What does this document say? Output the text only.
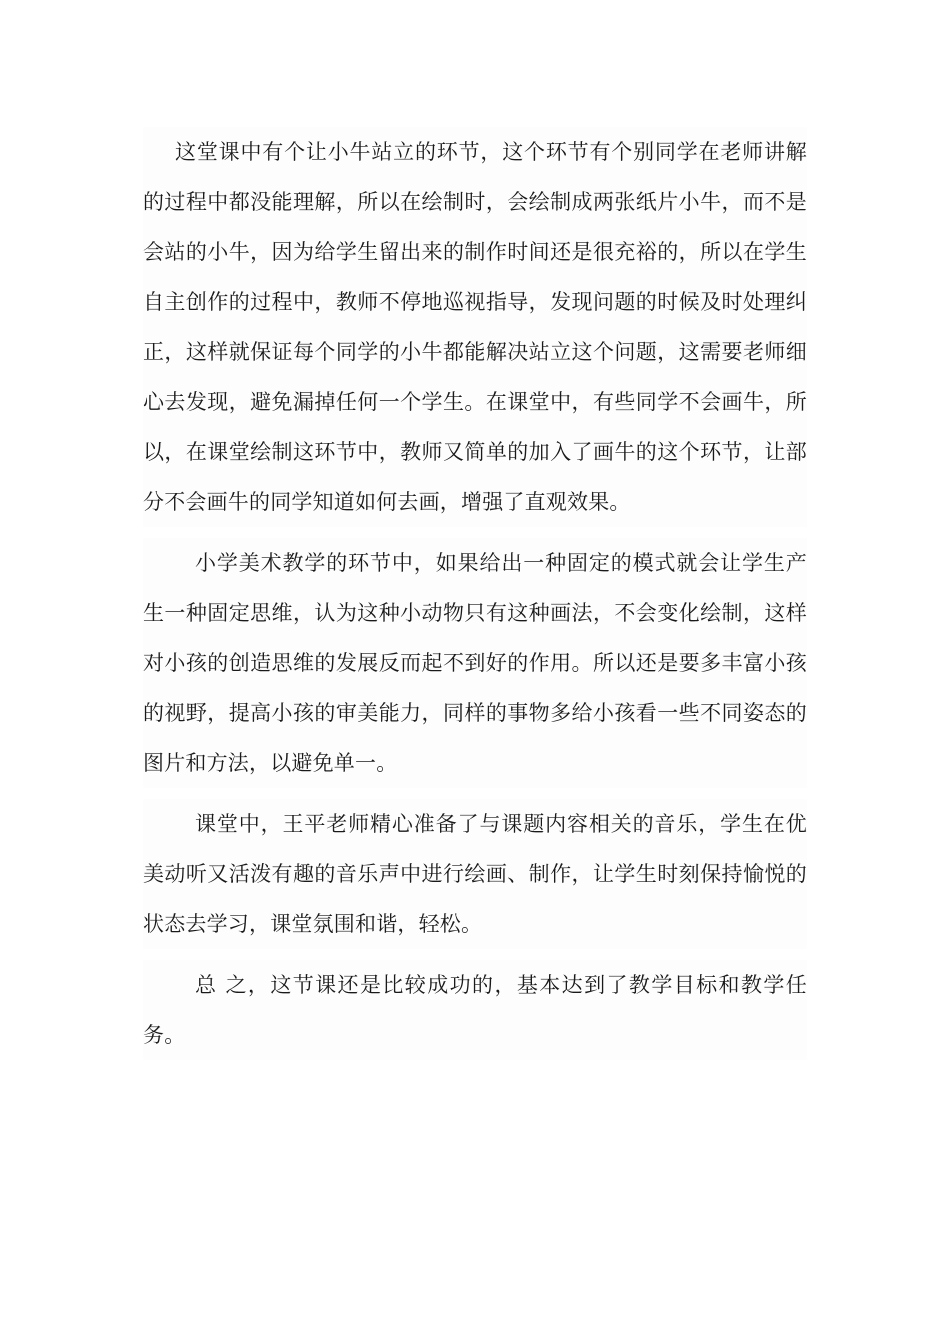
这堂课中有个让小牛站立的环节，这个环节有个别同学在老师讲解的过程中都没能理解，所以在绘制时，会绘制成两张纸片小牛，而不是会站的小牛，因为给学生留出来的制作时间还是很充裕的，所以在学生自主创作的过程中，教师不停地巡视指导，发现问题的时候及时处理纠正，这样就保证每个同学的小牛都能解决站立这个问题，这需要老师细心去发现，避免漏掉任何一个学生。在课堂中，有些同学不会画牛，所以，在课堂绘制这环节中，教师又简单的加入了画牛的这个环节，让部分不会画牛的同学知道如何去画，增强了直观效果。

小学美术教学的环节中，如果给出一种固定的模式就会让学生产生一种固定思维，认为这种小动物只有这种画法，不会变化绘制，这样对小孩的创造思维的发展反而起不到好的作用。所以还是要多丰富小孩的视野，提高小孩的审美能力，同样的事物多给小孩看一些不同姿态的图片和方法，以避免单一。

课堂中，王平老师精心准备了与课题内容相关的音乐，学生在优美动听又活泼有趣的音乐声中进行绘画、制作，让学生时刻保持愉悦的状态去学习，课堂氛围和谐，轻松。

总 之，这节课还是比较成功的，基本达到了教学目标和教学任务。
